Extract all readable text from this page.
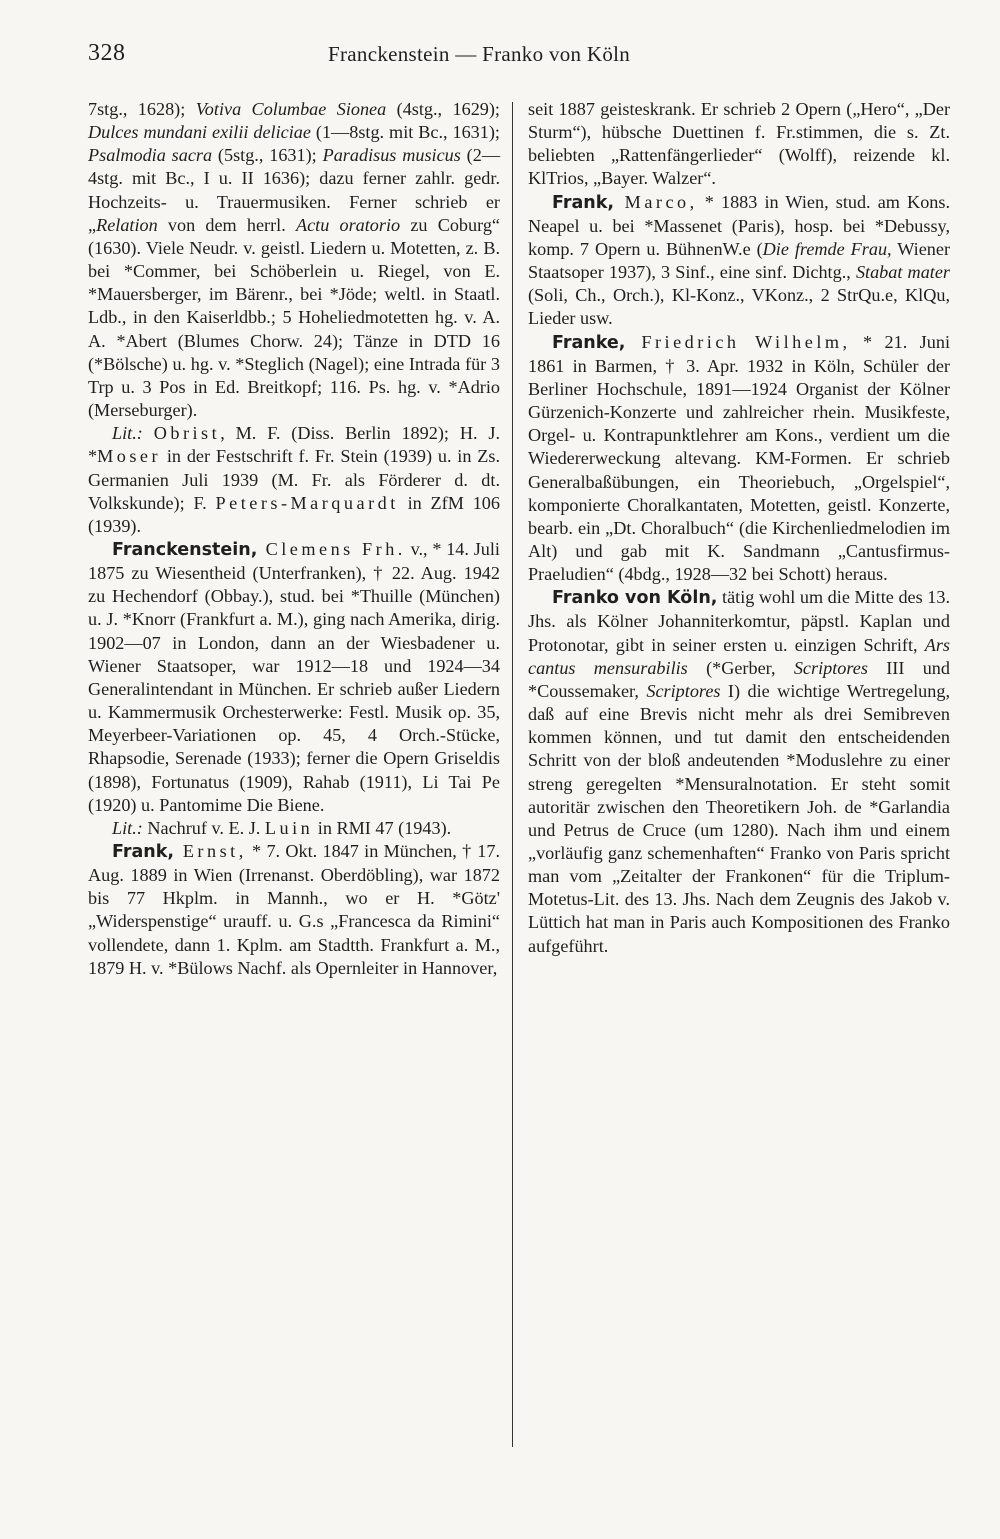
328	Franckenstein — Franko von Köln

7stg., 1628); Votiva Columbae Sionea (4stg., 1629); Dulces mundani exilii deliciae (1—8stg. mit Bc., 1631); Psalmodia sacra (5stg., 1631); Paradisus musicus (2—4stg. mit Bc., I u. II 1636); dazu ferner zahlr. gedr. Hochzeits- u. Trauermusiken. Ferner schrieb er „Relation von dem herrl. Actu oratorio zu Coburg“ (1630). Viele Neudr. v. geistl. Liedern u. Motetten, z. B. bei *Commer, bei Schöberlein u. Riegel, von E. *Mauersberger, im Bärenr., bei *Jöde; weltl. in Staatl. Ldb., in den Kaiserldbb.; 5 Hoheliedmotetten hg. v. A. A. *Abert (Blumes Chorw. 24); Tänze in DTD 16 (*Bölsche) u. hg. v. *Steglich (Nagel); eine Intrada für 3 Trp u. 3 Pos in Ed. Breitkopf; 116. Ps. hg. v. *Adrio (Merseburger).

Lit.: Obrist, M. F. (Diss. Berlin 1892); H. J. *Moser in der Festschrift f. Fr. Stein (1939) u. in Zs. Germanien Juli 1939 (M. Fr. als Förderer d. dt. Volkskunde); F. Peters-Marquardt in ZfM 106 (1939).

Franckenstein, Clemens Frh. v., * 14. Juli 1875 zu Wiesentheid (Unterfranken), † 22. Aug. 1942 zu Hechendorf (Obbay.), stud. bei *Thuille (München) u. J. *Knorr (Frankfurt a. M.), ging nach Amerika, dirig. 1902—07 in London, dann an der Wiesbadener u. Wiener Staatsoper, war 1912—18 und 1924—34 Generalintendant in München. Er schrieb außer Liedern u. Kammermusik Orchesterwerke: Festl. Musik op. 35, Meyerbeer-Variationen op. 45, 4 Orch.-Stücke, Rhapsodie, Serenade (1933); ferner die Opern Griseldis (1898), Fortunatus (1909), Rahab (1911), Li Tai Pe (1920) u. Pantomime Die Biene.

Lit.: Nachruf v. E. J. Luin in RMI 47 (1943).

Frank, Ernst, * 7. Okt. 1847 in München, † 17. Aug. 1889 in Wien (Irrenanst. Oberdöbling), war 1872 bis 77 Hkplm. in Mannh., wo er H. *Götz' „Widerspenstige“ urauff. u. G.s „Francesca da Rimini“ vollendete, dann 1. Kplm. am Stadtth. Frankfurt a. M., 1879 H. v. *Bülows Nachf. als Opernleiter in Hannover,

seit 1887 geisteskrank. Er schrieb 2 Opern („Hero“, „Der Sturm“), hübsche Duettinen f. Fr.stimmen, die s. Zt. beliebten „Rattenfängerlieder“ (Wolff), reizende kl. KlTrios, „Bayer. Walzer“.

Frank, Marco, * 1883 in Wien, stud. am Kons. Neapel u. bei *Massenet (Paris), hosp. bei *Debussy, komp. 7 Opern u. BühnenW.e (Die fremde Frau, Wiener Staatsoper 1937), 3 Sinf., eine sinf. Dichtg., Stabat mater (Soli, Ch., Orch.), Kl-Konz., VKonz., 2 StrQu.e, KlQu, Lieder usw.

Franke, Friedrich Wilhelm, * 21. Juni 1861 in Barmen, † 3. Apr. 1932 in Köln, Schüler der Berliner Hochschule, 1891—1924 Organist der Kölner Gürzenich-Konzerte und zahlreicher rhein. Musikfeste, Orgel- u. Kontrapunktlehrer am Kons., verdient um die Wiedererweckung altevang. KM-Formen. Er schrieb Generalbaßübungen, ein Theoriebuch, „Orgelspiel“, komponierte Choralkantaten, Motetten, geistl. Konzerte, bearb. ein „Dt. Choralbuch“ (die Kirchenliedmelodien im Alt) und gab mit K. Sandmann „Cantusfirmus-Praeludien“ (4bdg., 1928—32 bei Schott) heraus.

Franko von Köln, tätig wohl um die Mitte des 13. Jhs. als Kölner Johanniterkomtur, päpstl. Kaplan und Protonotar, gibt in seiner ersten u. einzigen Schrift, Ars cantus mensurabilis (*Gerber, Scriptores III und *Coussemaker, Scriptores I) die wichtige Wertregelung, daß auf eine Brevis nicht mehr als drei Semibreven kommen können, und tut damit den entscheidenden Schritt von der bloß andeutenden *Moduslehre zu einer streng geregelten *Mensuralnotation. Er steht somit autoritär zwischen den Theoretikern Joh. de *Garlandia und Petrus de Cruce (um 1280). Nach ihm und einem „vorläufig ganz schemenhaften“ Franko von Paris spricht man vom „Zeitalter der Frankonen“ für die Triplum-Motetus-Lit. des 13. Jhs. Nach dem Zeugnis des Jakob v. Lüttich hat man in Paris auch Kompositionen des Franko aufgeführt.
